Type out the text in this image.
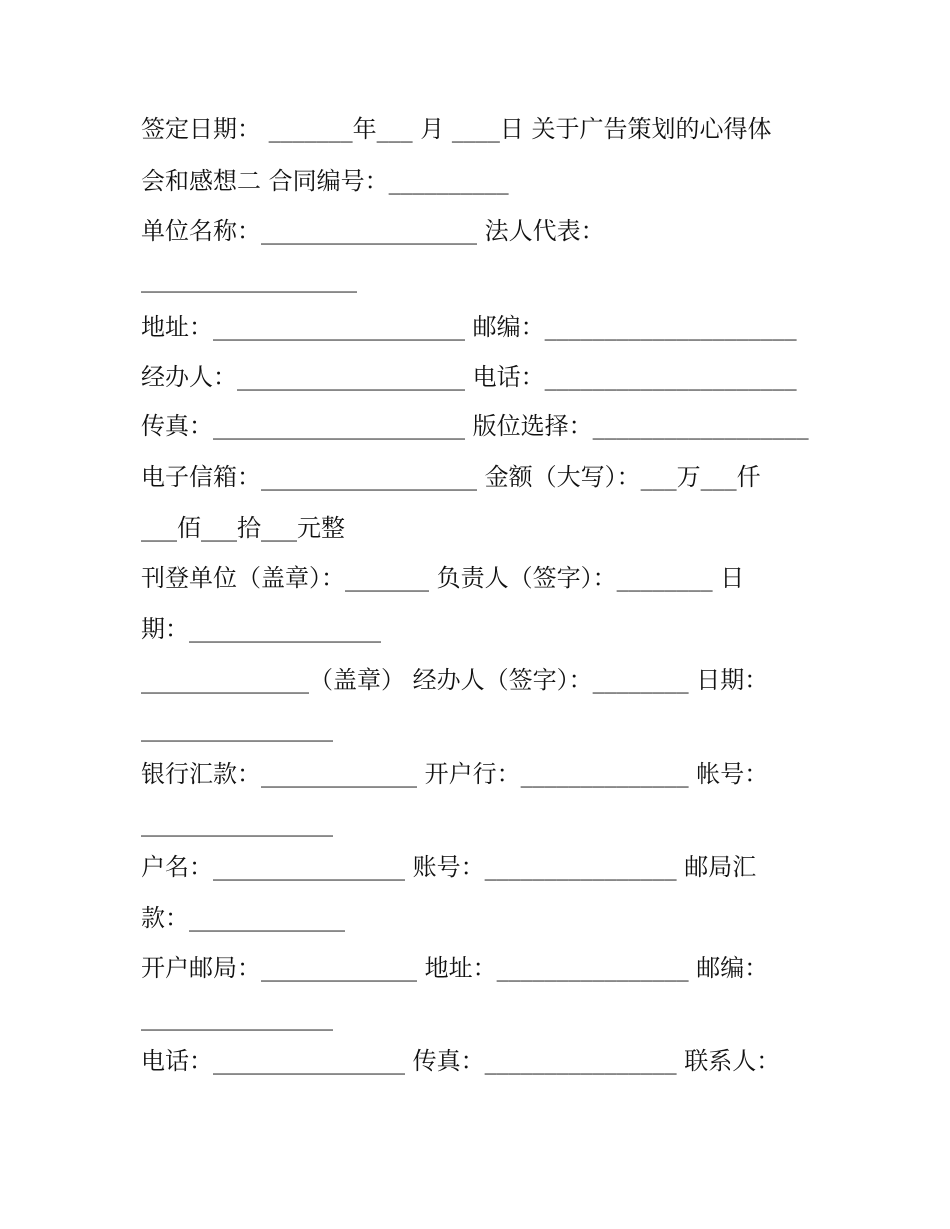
签定日期： _______年___ 月 ____日 关于广告策划的心得体
会和感想二 合同编号：__________
单位名称：__________________ 法人代表：
__________________
地址：_____________________ 邮编：_____________________
经办人：___________________ 电话：_____________________
传真：_____________________ 版位选择：__________________
电子信箱：__________________ 金额（大写）：___万___仟
___佰___拾___元整
刊登单位（盖章）：_______ 负责人（签字）：________ 日
期：________________
______________（盖章） 经办人（签字）：________ 日期：
________________
银行汇款：_____________ 开户行：______________ 帐号：
________________
户名：________________ 账号：________________ 邮局汇
款：_____________
开户邮局：_____________ 地址：________________ 邮编：
________________
电话：________________ 传真：________________ 联系人：
